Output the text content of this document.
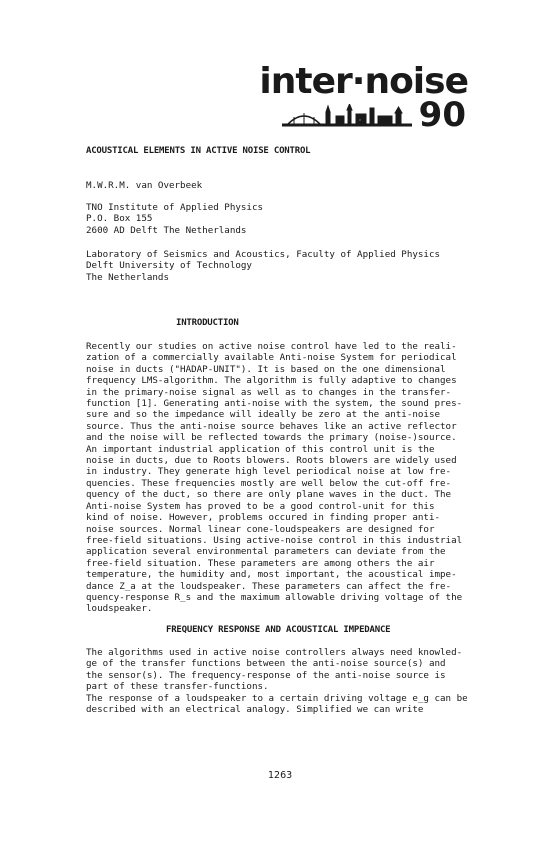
inter·noise
90
ACOUSTICAL ELEMENTS IN ACTIVE NOISE CONTROL
M.W.R.M. van Overbeek
TNO Institute of Applied Physics
P.O. Box 155
2600 AD Delft The Netherlands
Laboratory of Seismics and Acoustics, Faculty of Applied Physics
Delft University of Technology
The Netherlands
INTRODUCTION
Recently our studies on active noise control have led to the reali-
zation of a commercially available Anti-noise System for periodical
noise in ducts ("HADAP-UNIT"). It is based on the one dimensional
frequency LMS-algorithm. The algorithm is fully adaptive to changes
in the primary-noise signal as well as to changes in the transfer-
function [1]. Generating anti-noise with the system, the sound pres-
sure and so the impedance will ideally be zero at the anti-noise
source. Thus the anti-noise source behaves like an active reflector
and the noise will be reflected towards the primary (noise-)source.
An important industrial application of this control unit is the
noise in ducts, due to Roots blowers. Roots blowers are widely used
in industry. They generate high level periodical noise at low fre-
quencies. These frequencies mostly are well below the cut-off fre-
quency of the duct, so there are only plane waves in the duct. The
Anti-noise System has proved to be a good control-unit for this
kind of noise. However, problems occured in finding proper anti-
noise sources. Normal linear cone-loudspeakers are designed for
free-field situations. Using active-noise control in this industrial
application several environmental parameters can deviate from the
free-field situation. These parameters are among others the air
temperature, the humidity and, most important, the acoustical impe-
dance Z_a at the loudspeaker. These parameters can affect the fre-
quency-response R_s and the maximum allowable driving voltage of the
loudspeaker.
FREQUENCY RESPONSE AND ACOUSTICAL IMPEDANCE
The algorithms used in active noise controllers always need knowled-
ge of the transfer functions between the anti-noise source(s) and
the sensor(s). The frequency-response of the anti-noise source is
part of these transfer-functions.
The response of a loudspeaker to a certain driving voltage e_g can be
described with an electrical analogy. Simplified we can write
1263
